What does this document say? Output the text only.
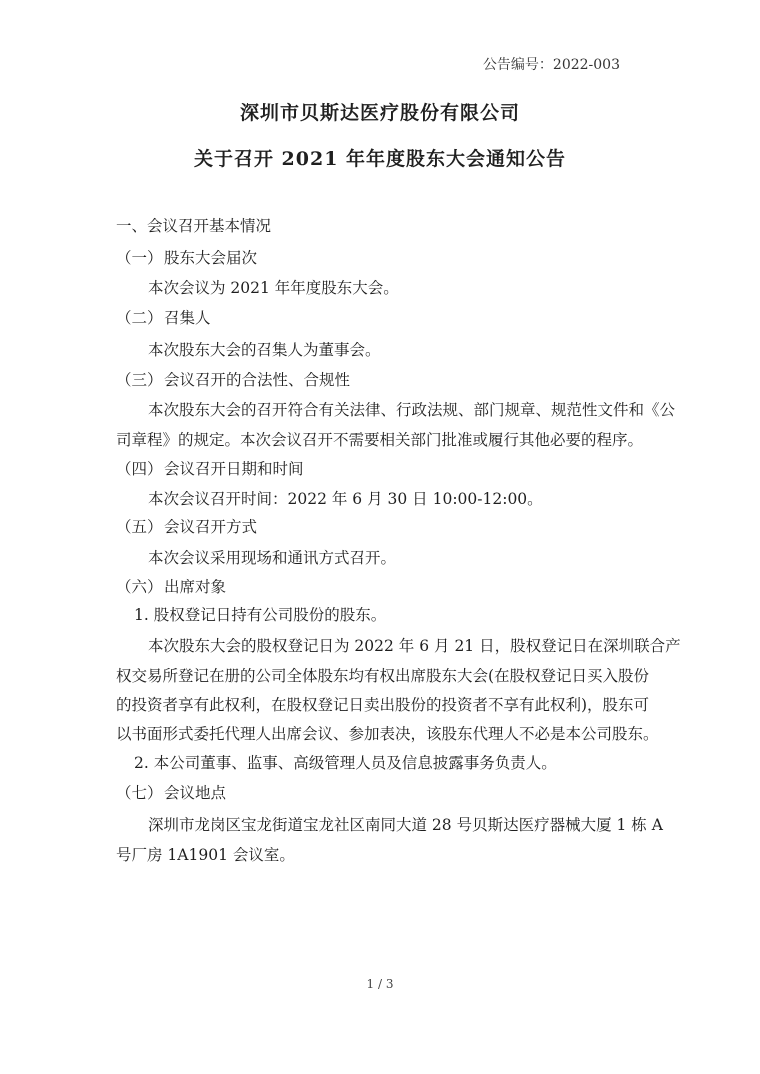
公告编号：2022-003
深圳市贝斯达医疗股份有限公司
关于召开 2021 年年度股东大会通知公告
一、会议召开基本情况
（一）股东大会届次
本次会议为 2021 年年度股东大会。
（二）召集人
本次股东大会的召集人为董事会。
（三）会议召开的合法性、合规性
本次股东大会的召开符合有关法律、行政法规、部门规章、规范性文件和《公
司章程》的规定。本次会议召开不需要相关部门批准或履行其他必要的程序。
（四）会议召开日期和时间
本次会议召开时间：2022 年 6 月 30 日 10:00-12:00。
（五）会议召开方式
本次会议采用现场和通讯方式召开。
（六）出席对象
1. 股权登记日持有公司股份的股东。
本次股东大会的股权登记日为 2022 年 6 月 21 日，股权登记日在深圳联合产
权交易所登记在册的公司全体股东均有权出席股东大会(在股权登记日买入股份
的投资者享有此权利，在股权登记日卖出股份的投资者不享有此权利)，股东可
以书面形式委托代理人出席会议、参加表决，该股东代理人不必是本公司股东。
2. 本公司董事、监事、高级管理人员及信息披露事务负责人。
（七）会议地点
深圳市龙岗区宝龙街道宝龙社区南同大道 28 号贝斯达医疗器械大厦 1 栋 A
号厂房 1A1901 会议室。
1 / 3
